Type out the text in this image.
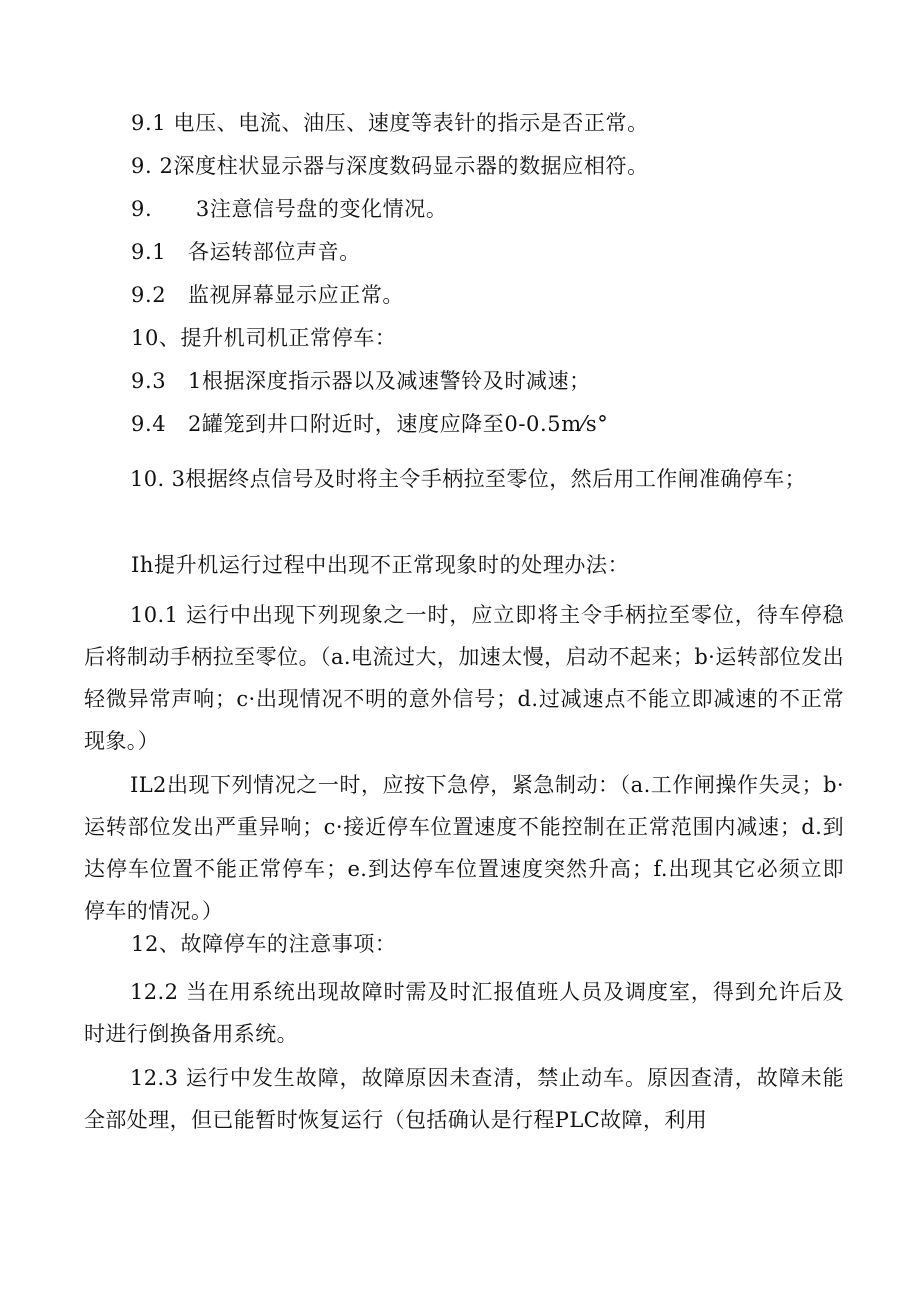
9.1 电压、电流、油压、速度等表针的指示是否正常。
9. 2深度柱状显示器与深度数码显示器的数据应相符。
9.      3注意信号盘的变化情况。
9.1   各运转部位声音。
9.2   监视屏幕显示应正常。
10、提升机司机正常停车：
9.3   1根据深度指示器以及减速警铃及时减速；
9.4   2罐笼到井口附近时，速度应降至0-0.5m⁄s°
10. 3根据终点信号及时将主令手柄拉至零位，然后用工作闸准确停车；
Ih提升机运行过程中出现不正常现象时的处理办法：
10.1 运行中出现下列现象之一时，应立即将主令手柄拉至零位，待车停稳后将制动手柄拉至零位。（a.电流过大，加速太慢，启动不起来；b·运转部位发出轻微异常声响；c·出现情况不明的意外信号；d.过减速点不能立即减速的不正常现象。）
IL2出现下列情况之一时，应按下急停，紧急制动：（a.工作闸操作失灵；b·运转部位发出严重异响；c·接近停车位置速度不能控制在正常范围内减速；d.到达停车位置不能正常停车；e.到达停车位置速度突然升高；f.出现其它必须立即停车的情况。）
12、故障停车的注意事项：
12.2 当在用系统出现故障时需及时汇报值班人员及调度室，得到允许后及时进行倒换备用系统。
12.3 运行中发生故障，故障原因未查清，禁止动车。原因查清，故障未能全部处理，但已能暂时恢复运行（包括确认是行程PLC故障，利用
